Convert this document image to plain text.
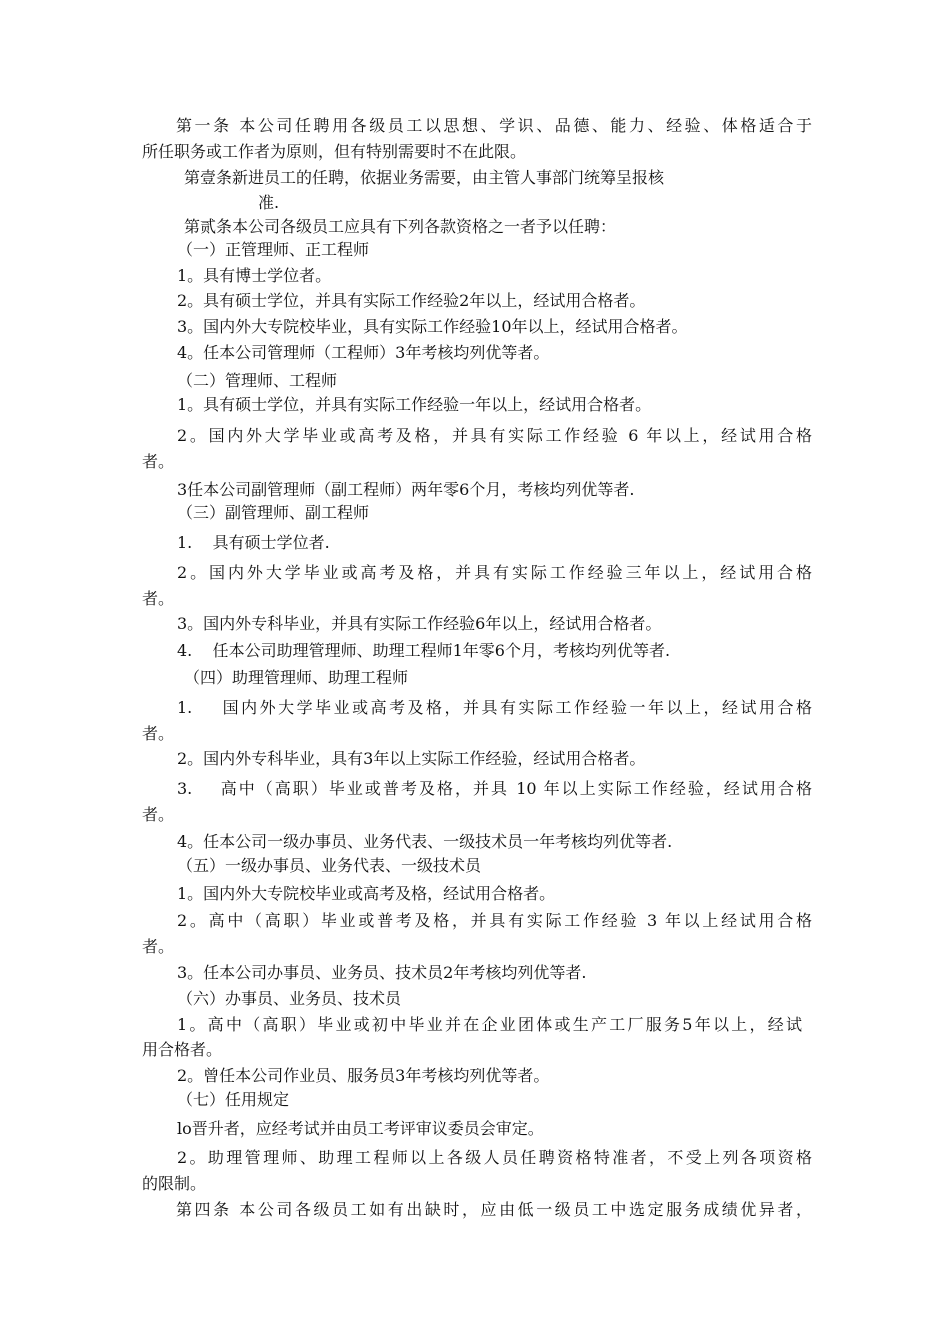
第一条 本公司任聘用各级员工以思想、学识、品德、能力、经验、体格适合于
所任职务或工作者为原则，但有特别需要时不在此限。
第壹条新进员工的任聘，依据业务需要，由主管人事部门统筹呈报核
准.
第贰条本公司各级员工应具有下列各款资格之一者予以任聘：
（一）正管理师、正工程师
1。具有博士学位者。
2。具有硕士学位，并具有实际工作经验2年以上，经试用合格者。
3。国内外大专院校毕业，具有实际工作经验10年以上，经试用合格者。
4。任本公司管理师（工程师）3年考核均列优等者。
（二）管理师、工程师
1。具有硕士学位，并具有实际工作经验一年以上，经试用合格者。
2。国内外大学毕业或高考及格，并具有实际工作经验 6 年以上，经试用合格
者。
3任本公司副管理师（副工程师）两年零6个月，考核均列优等者.
（三）副管理师、副工程师
1.    具有硕士学位者.
2。国内外大学毕业或高考及格，并具有实际工作经验三年以上，经试用合格
者。
3。国内外专科毕业，并具有实际工作经验6年以上，经试用合格者。
4.    任本公司助理管理师、助理工程师1年零6个月，考核均列优等者.
（四）助理管理师、助理工程师
1.    国内外大学毕业或高考及格，并具有实际工作经验一年以上，经试用合格
者。
2。国内外专科毕业，具有3年以上实际工作经验，经试用合格者。
3.    高中（高职）毕业或普考及格，并具 10 年以上实际工作经验，经试用合格
者。
4。任本公司一级办事员、业务代表、一级技术员一年考核均列优等者.
（五）一级办事员、业务代表、一级技术员
1。国内外大专院校毕业或高考及格，经试用合格者。
2。高中（高职）毕业或普考及格，并具有实际工作经验 3 年以上经试用合格
者。
3。任本公司办事员、业务员、技术员2年考核均列优等者.
（六）办事员、业务员、技术员
1。高中（高职）毕业或初中毕业并在企业团体或生产工厂服务5年以上，经试
用合格者。
2。曾任本公司作业员、服务员3年考核均列优等者。
（七）任用规定
lo晋升者，应经考试并由员工考评审议委员会审定。
2。助理管理师、助理工程师以上各级人员任聘资格特准者，不受上列各项资格
的限制。
第四条 本公司各级员工如有出缺时，应由低一级员工中选定服务成绩优异者，
